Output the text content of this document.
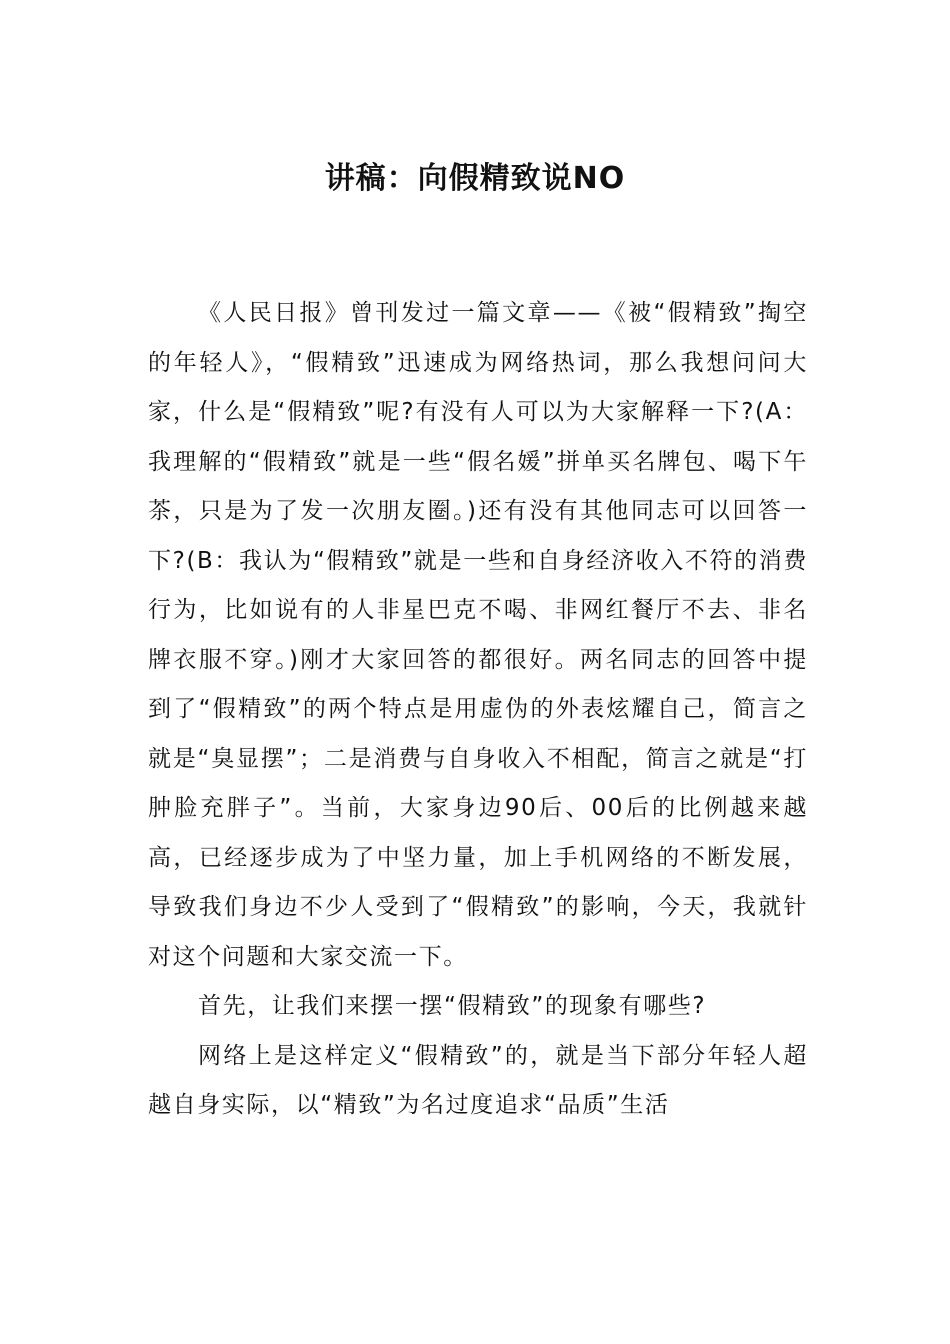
讲稿：向假精致说NO

《人民日报》曾刊发过一篇文章——《被“假精致”掏空的年轻人》，“假精致”迅速成为网络热词，那么我想问问大家，什么是“假精致”呢?有没有人可以为大家解释一下?(A：我理解的“假精致”就是一些“假名媛”拼单买名牌包、喝下午茶，只是为了发一次朋友圈。)还有没有其他同志可以回答一下?(B：我认为“假精致”就是一些和自身经济收入不符的消费行为，比如说有的人非星巴克不喝、非网红餐厅不去、非名牌衣服不穿。)刚才大家回答的都很好。两名同志的回答中提到了“假精致”的两个特点是用虚伪的外表炫耀自己，简言之就是“臭显摆”；二是消费与自身收入不相配，简言之就是“打肿脸充胖子”。当前，大家身边90后、00后的比例越来越高，已经逐步成为了中坚力量，加上手机网络的不断发展，导致我们身边不少人受到了“假精致”的影响，今天，我就针对这个问题和大家交流一下。

首先，让我们来摆一摆“假精致”的现象有哪些?

网络上是这样定义“假精致”的，就是当下部分年轻人超越自身实际，以“精致”为名过度追求“品质”生活
